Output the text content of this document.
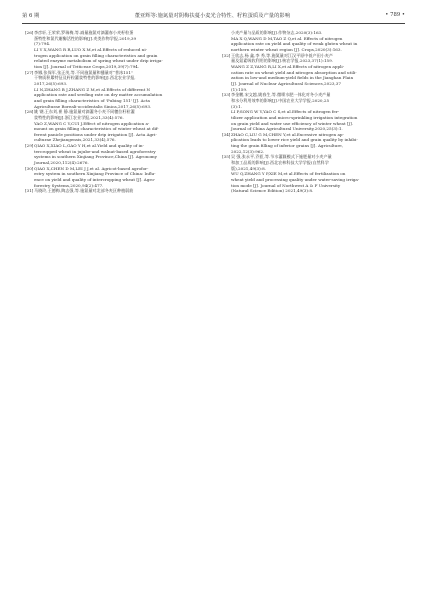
第 6 期	董亚辉等:施氮量对阴梅扶蔓小麦光合特性、籽粒蛋质及产量的影响	• 789 •
[26]李彦轩,王荣荣,罗瑞梅,等.减量施氮对滴灌春小麦籽粒蛋
蛋特性和氮代谢酶活性的影响[J].麦类作物学报,2019,39
(7):794.
LI Y X,WANG R R,LUO X M,et al.Effects of reduced ni-
trogen application on grain filling characteristics and grain
related enzyme metabolism of spring wheat under drip irriga-
tion [J]. Journal of Triticeae Crops,2019,39(7):794.
[27]李娜,张保军,张正茂,等.不同施氮量和播量对“普冰151”
干物质积累特征及籽粒灌浆特性的影响[J].西北农业学报,
2017,26(5):693.
LI N,ZHANG B J,ZHANG Z M,et al.Effects of different N
application rate and seeding rate on dry matter accumulation
and grain filling characteristics of 'Pubing 151' [J]. Acta
Agriculturae Boreali-occidentalis Sinica,2017,26(5):693.
[28]姚 钢,王东刘,崔 静.施氮量对滴灌冬小麦不同穗位籽粒灌
浆特性的影响[J].浙江农业学报,2021,33(4):576.
YAO Z,WANG C Y,CUI J.Effect of nitrogen application a-
mount on grain filling characteristics of winter wheat at dif-
ferent panicle positions under drip irrigation [J]. Acta Agri-
culturae Zhejiangensis,2021,33(4),576.
[29]QIAO X,XIAO L,GAO Y H,et al.Yield and quality of in-
tercropped wheat in jujube-and walnut-based agroforestry
systems in southern Xinjiang Province,China [J]. Agronomy
Journal,2020,112(4):2676.
[30]QIAO X,CHEN D M,LEI J J,et al. Agricot-based agrofor-
estry system in southern Xinjiang Province of China: Influ-
ence on yield and quality of intercropping wheat [J]. Agro-
forestry Systems,2020,94(2):477.
[31]马晓玲,王德梅,陶志强,等.施氮量对北部冬麦区种植弱筋
小麦产量与品质的影响[J].作物杂志,2020(3):163.
MA X Q,WANG D M,TAO Z Q,et al. Effects of nitrogen
application rate on yield and quality of weak gluten wheat in
northern winter wheat region [J]. Crops,2020(3):163.
[32]王欣志,杨 鑫,李 秀,等.施氮量对江汉平原中低产田小麦产
量及氮素吸收利用的影响[J].核农学报,2023,37(1):159.
WANG Z Z,YANG R,LI X,et al.Effects of nitrogen appli-
cation rate on wheat yield and nitrogen absorption and utili-
zation in low-and medium-yield fields in the Jianghan Plain
[J]. Journal of Nuclear Agricultural Sciences,2023,37
(1):159.
[33]李金鹏,宋文越,姚春生,等.微喷水肥一体化对冬小麦产量
和水分利用效率的影响[J].中国农业大学学报,2020,25
(3):1.
LI P,SONG W Y,YAO C S,et al.Effects of nitrogen fer-
tilizer application and micro-sprinkling irrigation integration
on grain yield and water use efficiency of winter wheat [J].
Journal of China Agricultural University,2020,25(3):1.
[34]ZHAO C,LIU G M,CHEN Y,et al.Excessive nitrogen ap-
plication leads to lower rice yield and grain quality by inhibi-
ting the grain filling of inferior grains [J]. Agriculture,
2022,12(3):962.
[35]吴 强,张永平,乔匝,等.节水灌溉模式下施肥量对小麦产量
和加工品质的影响[J].西北农林科技大学学报(自然科学
版),2021,49(3):8.
WU Q,ZHANG Y P,XIE M,et al.Effects of fertilization on
wheat yield and processing quality under water-saving irriga-
tion mode [J]. Journal of Northwest A & F University
(Natural Science Edition) 2021,49(3):8.
